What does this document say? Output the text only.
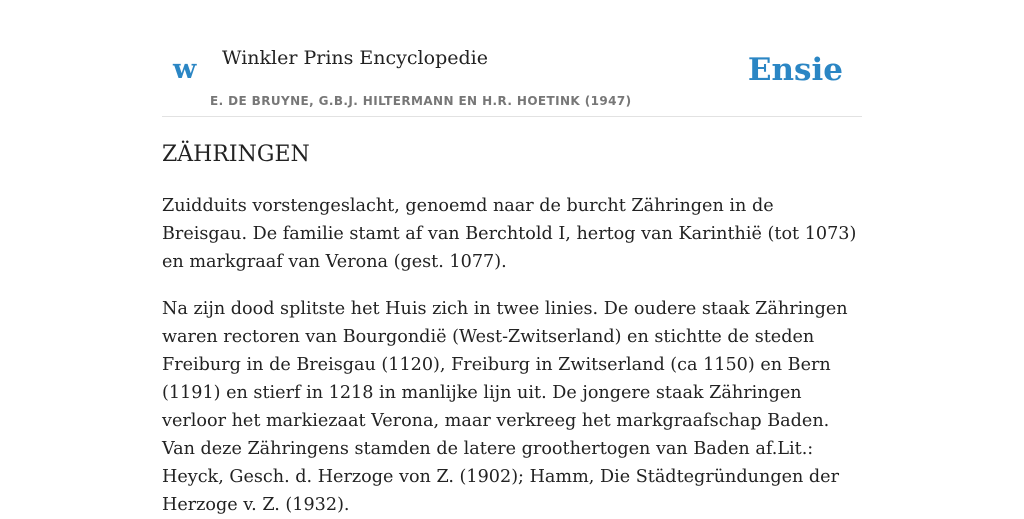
w Winkler Prins Encyclopedie
E. DE BRUYNE, G.B.J. HILTERMANN EN H.R. HOETINK (1947)
Ensie
ZÄHRINGEN

Zuidduits vorstengeslacht, genoemd naar de burcht Zähringen in de Breisgau. De familie stamt af van Berchtold I, hertog van Karinthië (tot 1073) en markgraaf van Verona (gest. 1077).

Na zijn dood splitste het Huis zich in twee linies. De oudere staak Zähringen waren rectoren van Bourgondië (West-Zwitserland) en stichtte de steden Freiburg in de Breisgau (1120), Freiburg in Zwitserland (ca 1150) en Bern (1191) en stierf in 1218 in manlijke lijn uit. De jongere staak Zähringen verloor het markiezaat Verona, maar verkreeg het markgraafschap Baden. Van deze Zähringens stamden de latere groothertogen van Baden af.Lit.: Heyck, Gesch. d. Herzoge von Z. (1902); Hamm, Die Städtegründungen der Herzoge v. Z. (1932).
